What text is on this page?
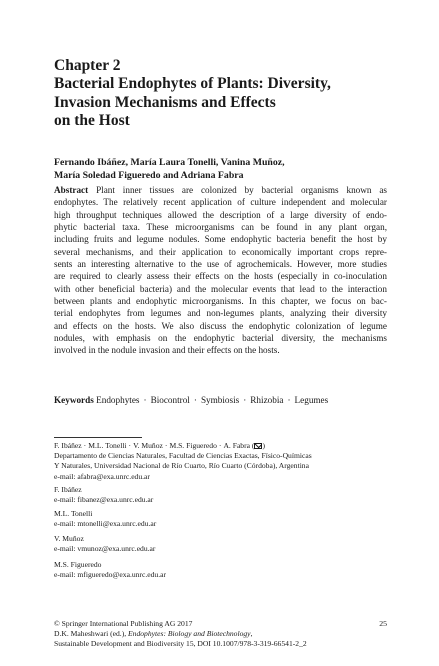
Chapter 2
Bacterial Endophytes of Plants: Diversity,
Invasion Mechanisms and Effects
on the Host
Fernando Ibáñez, María Laura Tonelli, Vanina Muñoz,
María Soledad Figueredo and Adriana Fabra
Abstract Plant inner tissues are colonized by bacterial organisms known as
endophytes. The relatively recent application of culture independent and molecular
high throughput techniques allowed the description of a large diversity of endo-
phytic bacterial taxa. These microorganisms can be found in any plant organ,
including fruits and legume nodules. Some endophytic bacteria benefit the host by
several mechanisms, and their application to economically important crops repre-
sents an interesting alternative to the use of agrochemicals. However, more studies
are required to clearly assess their effects on the hosts (especially in co-inoculation
with other beneficial bacteria) and the molecular events that lead to the interaction
between plants and endophytic microorganisms. In this chapter, we focus on bac-
terial endophytes from legumes and non-legumes plants, analyzing their diversity
and effects on the hosts. We also discuss the endophytic colonization of legume
nodules, with emphasis on the endophytic bacterial diversity, the mechanisms
involved in the nodule invasion and their effects on the hosts.
Keywords Endophytes · Biocontrol · Symbiosis · Rhizobia · Legumes
F. Ibáñez · M.L. Tonelli · V. Muñoz · M.S. Figueredo · A. Fabra ( )
Departamento de Ciencias Naturales, Facultad de Ciencias Exactas, Físico-Químicas
Y Naturales, Universidad Nacional de Río Cuarto, Río Cuarto (Córdoba), Argentina
e-mail: afabra@exa.unrc.edu.ar
F. Ibáñez
e-mail: fibanez@exa.unrc.edu.ar
M.L. Tonelli
e-mail: mtonelli@exa.unrc.edu.ar
V. Muñoz
e-mail: vmunoz@exa.unrc.edu.ar
M.S. Figueredo
e-mail: mfigueredo@exa.unrc.edu.ar
© Springer International Publishing AG 2017
D.K. Maheshwari (ed.), Endophytes: Biology and Biotechnology,
Sustainable Development and Biodiversity 15, DOI 10.1007/978-3-319-66541-2_2
25
